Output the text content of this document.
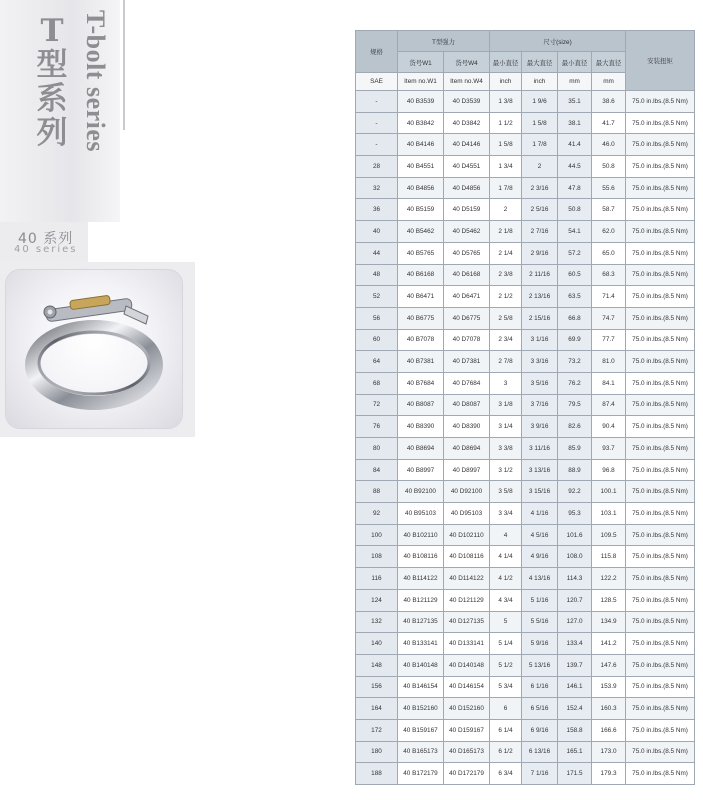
T型系列 T-bolt series
40 系列
40 series
规格	T型强力		尺寸(size)				安装扭矩
	货号W1	货号W4	最小直径	最大直径	最小直径	最大直径	
SAE	Item no.W1	Item no.W4	inch	inch	mm	mm	
-	40 B3539	40 D3539	1 3/8	1 9/6	35.1	38.6	75.0 in.lbs.(8.5 Nm)
-	40 B3842	40 D3842	1 1/2	1 5/8	38.1	41.7	75.0 in.lbs.(8.5 Nm)
-	40 B4146	40 D4146	1 5/8	1 7/8	41.4	46.0	75.0 in.lbs.(8.5 Nm)
28	40 B4551	40 D4551	1 3/4	2	44.5	50.8	75.0 in.lbs.(8.5 Nm)
32	40 B4856	40 D4856	1 7/8	2 3/16	47.8	55.6	75.0 in.lbs.(8.5 Nm)
36	40 B5159	40 D5159	2	2 5/16	50.8	58.7	75.0 in.lbs.(8.5 Nm)
40	40 B5462	40 D5462	2 1/8	2 7/16	54.1	62.0	75.0 in.lbs.(8.5 Nm)
44	40 B5765	40 D5765	2 1/4	2 9/16	57.2	65.0	75.0 in.lbs.(8.5 Nm)
48	40 B6168	40 D6168	2 3/8	2 11/16	60.5	68.3	75.0 in.lbs.(8.5 Nm)
52	40 B6471	40 D6471	2 1/2	2 13/16	63.5	71.4	75.0 in.lbs.(8.5 Nm)
56	40 B6775	40 D6775	2 5/8	2 15/16	66.8	74.7	75.0 in.lbs.(8.5 Nm)
60	40 B7078	40 D7078	2 3/4	3 1/16	69.9	77.7	75.0 in.lbs.(8.5 Nm)
64	40 B7381	40 D7381	2 7/8	3 3/16	73.2	81.0	75.0 in.lbs.(8.5 Nm)
68	40 B7684	40 D7684	3	3 5/16	76.2	84.1	75.0 in.lbs.(8.5 Nm)
72	40 B8087	40 D8087	3 1/8	3 7/16	79.5	87.4	75.0 in.lbs.(8.5 Nm)
76	40 B8390	40 D8390	3 1/4	3 9/16	82.6	90.4	75.0 in.lbs.(8.5 Nm)
80	40 B8694	40 D8694	3 3/8	3 11/16	85.9	93.7	75.0 in.lbs.(8.5 Nm)
84	40 B8997	40 D8997	3 1/2	3 13/16	88.9	96.8	75.0 in.lbs.(8.5 Nm)
88	40 B92100	40 D92100	3 5/8	3 15/16	92.2	100.1	75.0 in.lbs.(8.5 Nm)
92	40 B95103	40 D95103	3 3/4	4 1/16	95.3	103.1	75.0 in.lbs.(8.5 Nm)
100	40 B102110	40 D102110	4	4 5/16	101.6	109.5	75.0 in.lbs.(8.5 Nm)
108	40 B108116	40 D108116	4 1/4	4 9/16	108.0	115.8	75.0 in.lbs.(8.5 Nm)
116	40 B114122	40 D114122	4 1/2	4 13/16	114.3	122.2	75.0 in.lbs.(8.5 Nm)
124	40 B121129	40 D121129	4 3/4	5 1/16	120.7	128.5	75.0 in.lbs.(8.5 Nm)
132	40 B127135	40 D127135	5	5 5/16	127.0	134.9	75.0 in.lbs.(8.5 Nm)
140	40 B133141	40 D133141	5 1/4	5 9/16	133.4	141.2	75.0 in.lbs.(8.5 Nm)
148	40 B140148	40 D140148	5 1/2	5 13/16	139.7	147.6	75.0 in.lbs.(8.5 Nm)
156	40 B146154	40 D146154	5 3/4	6 1/16	146.1	153.9	75.0 in.lbs.(8.5 Nm)
164	40 B152160	40 D152160	6	6 5/16	152.4	160.3	75.0 in.lbs.(8.5 Nm)
172	40 B159167	40 D159167	6 1/4	6 9/16	158.8	166.6	75.0 in.lbs.(8.5 Nm)
180	40 B165173	40 D165173	6 1/2	6 13/16	165.1	173.0	75.0 in.lbs.(8.5 Nm)
188	40 B172179	40 D172179	6 3/4	7 1/16	171.5	179.3	75.0 in.lbs.(8.5 Nm)
